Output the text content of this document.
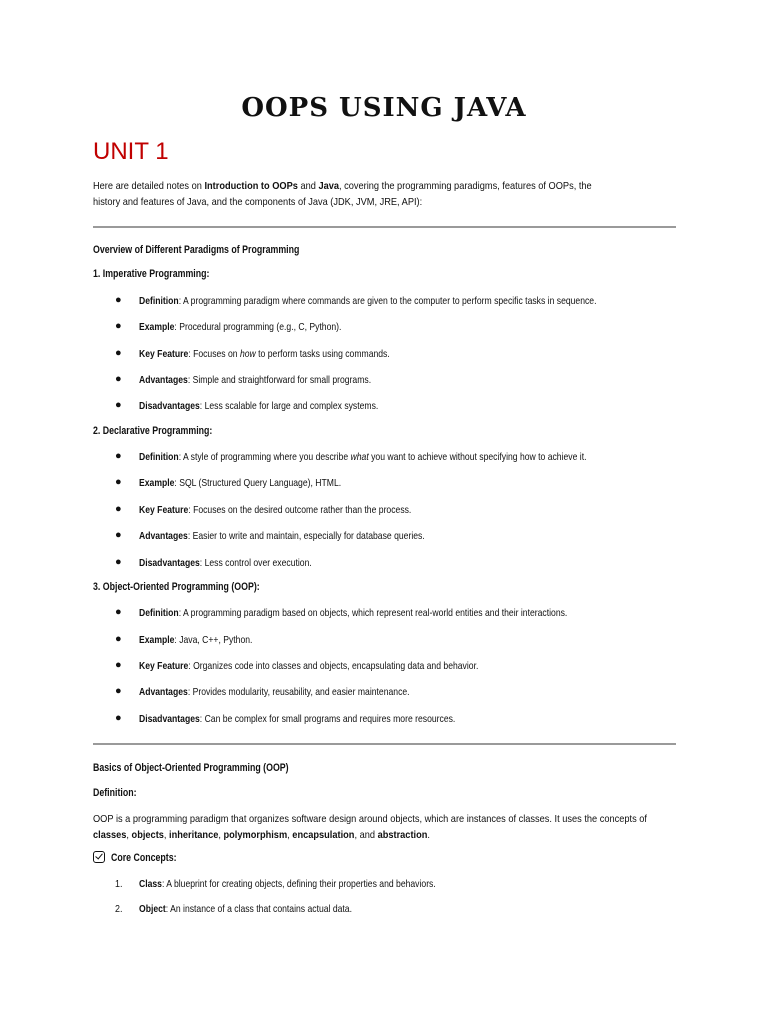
OOPS USING JAVA
UNIT 1
Here are detailed notes on Introduction to OOPs and Java, covering the programming paradigms, features of OOPs, the history and features of Java, and the components of Java (JDK, JVM, JRE, API):
Overview of Different Paradigms of Programming
1. Imperative Programming:
● Definition: A programming paradigm where commands are given to the computer to perform specific tasks in sequence.
● Example: Procedural programming (e.g., C, Python).
● Key Feature: Focuses on how to perform tasks using commands.
● Advantages: Simple and straightforward for small programs.
● Disadvantages: Less scalable for large and complex systems.
2. Declarative Programming:
● Definition: A style of programming where you describe what you want to achieve without specifying how to achieve it.
● Example: SQL (Structured Query Language), HTML.
● Key Feature: Focuses on the desired outcome rather than the process.
● Advantages: Easier to write and maintain, especially for database queries.
● Disadvantages: Less control over execution.
3. Object-Oriented Programming (OOP):
● Definition: A programming paradigm based on objects, which represent real-world entities and their interactions.
● Example: Java, C++, Python.
● Key Feature: Organizes code into classes and objects, encapsulating data and behavior.
● Advantages: Provides modularity, reusability, and easier maintenance.
● Disadvantages: Can be complex for small programs and requires more resources.
Basics of Object-Oriented Programming (OOP)
Definition:
OOP is a programming paradigm that organizes software design around objects, which are instances of classes. It uses the concepts of classes, objects, inheritance, polymorphism, encapsulation, and abstraction.
Core Concepts:
1. Class: A blueprint for creating objects, defining their properties and behaviors.
2. Object: An instance of a class that contains actual data.
